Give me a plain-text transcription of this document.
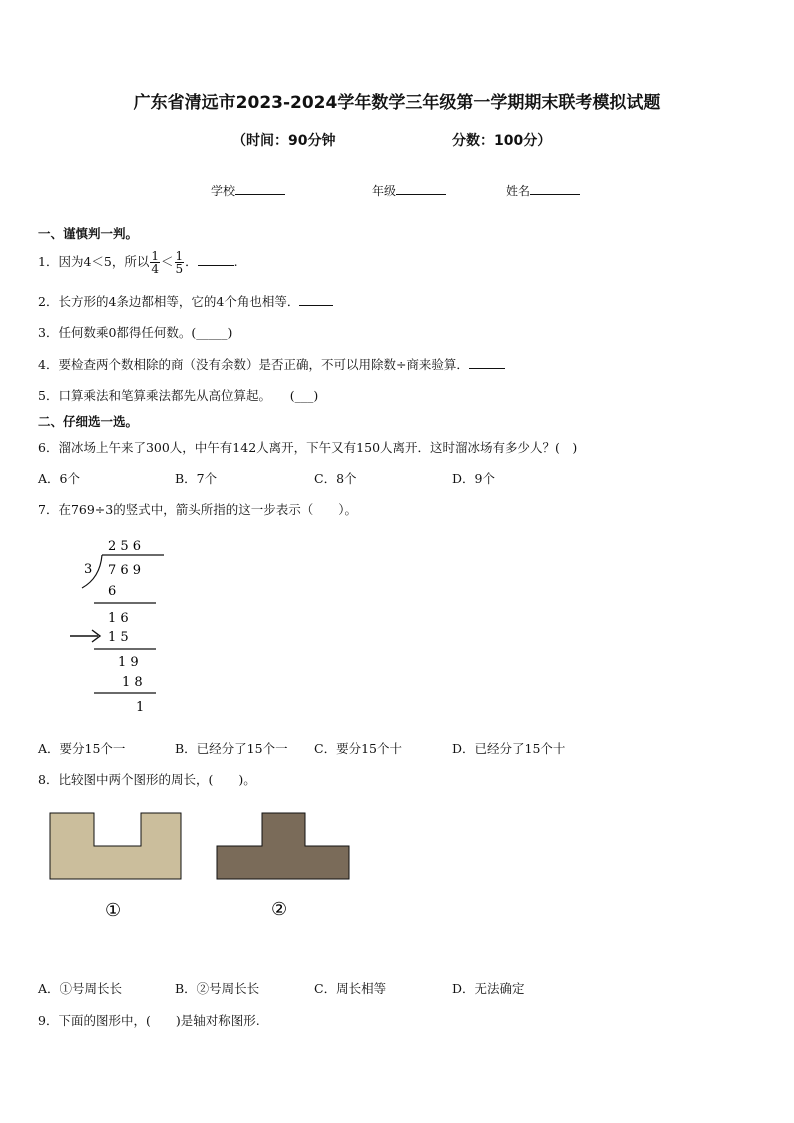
广东省清远市2023-2024学年数学三年级第一学期期末联考模拟试题
（时间：90分钟	分数：100分）
学校	年级	姓名
一、谨慎判一判。
1．因为4＜5，所以 $\frac{1}{4} < \frac{1}{5}$ ．	.
2．长方形的4条边都相等，它的4个角也相等．
3．任何数乘0都得任何数。(_____)
4．要检查两个数相除的商（没有余数）是否正确，不可以用除数÷商来验算．
5．口算乘法和笔算乘法都先从高位算起。　　(___)
二、仔细选一选。
6．溜冰场上午来了300人，中午有142人离开，下午又有150人离开．这时溜冰场有多少人？(　)
A．6个	B．7个	C．8个	D．9个
7．在769÷3的竖式中，箭头所指的这一步表示（　　）。
2 5 6
3 7 6 9
6
1 6
1 5
1 9
1 8
1
A．要分15个一	B．已经分了15个一 C．要分15个十	D．已经分了15个十
8．比较图中两个图形的周长，(　　)。
①	②
A．①号周长长	B．②号周长长	C．周长相等	D．无法确定
9．下面的图形中，(　　)是轴对称图形.
